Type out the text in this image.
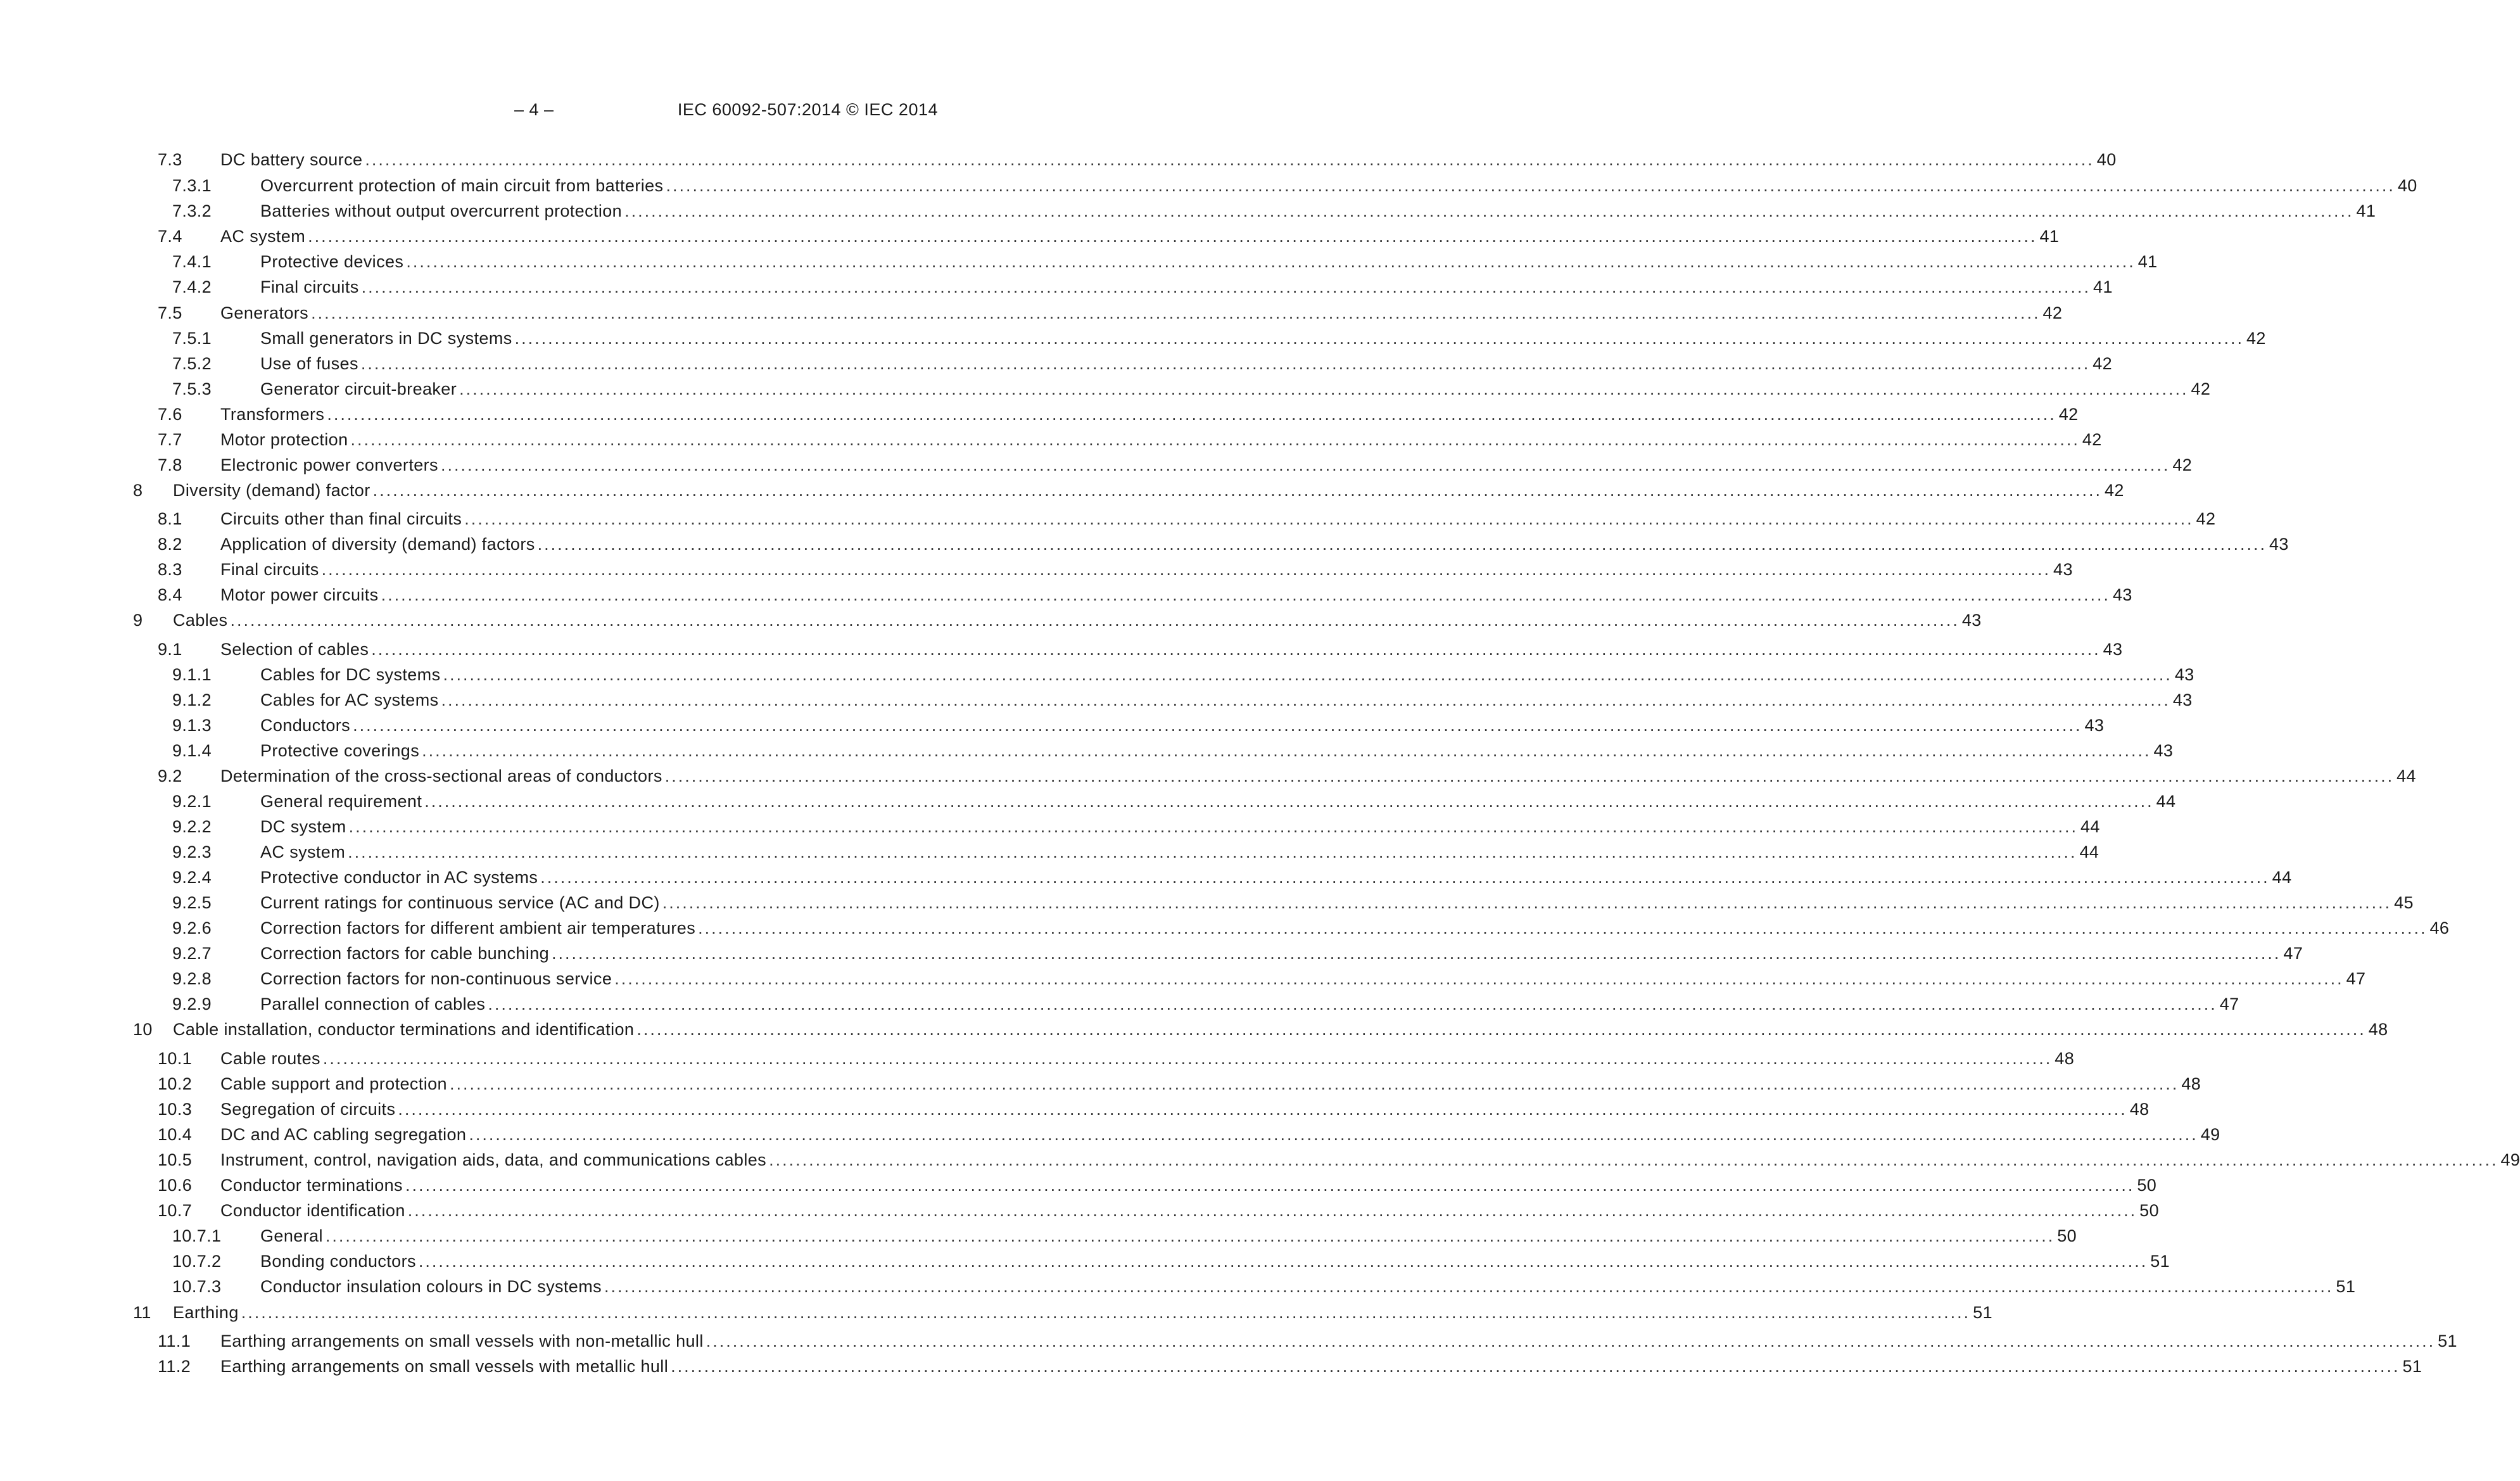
– 4 –	IEC 60092-507:2014 © IEC 2014
7.3 DC battery source .................................................................................................................................................................................................................................................................... 40
7.3.1	Overcurrent protection of main circuit from batteries .................................................................................................................................................................................................................................................................... 40
7.3.2	Batteries without output overcurrent protection .................................................................................................................................................................................................................................................................... 41
7.4 AC system .................................................................................................................................................................................................................................................................... 41
7.4.1	Protective devices .................................................................................................................................................................................................................................................................... 41
7.4.2	Final circuits .................................................................................................................................................................................................................................................................... 41
7.5 Generators .................................................................................................................................................................................................................................................................... 42
7.5.1	Small generators in DC systems .................................................................................................................................................................................................................................................................... 42
7.5.2	Use of fuses .................................................................................................................................................................................................................................................................... 42
7.5.3	Generator circuit-breaker .................................................................................................................................................................................................................................................................... 42
7.6 Transformers .................................................................................................................................................................................................................................................................... 42
7.7 Motor protection .................................................................................................................................................................................................................................................................... 42
7.8 Electronic power converters .................................................................................................................................................................................................................................................................... 42
8 Diversity (demand) factor .................................................................................................................................................................................................................................................................... 42
8.1 Circuits other than final circuits .................................................................................................................................................................................................................................................................... 42
8.2 Application of diversity (demand) factors .................................................................................................................................................................................................................................................................... 43
8.3 Final circuits .................................................................................................................................................................................................................................................................... 43
8.4 Motor power circuits .................................................................................................................................................................................................................................................................... 43
9 Cables .................................................................................................................................................................................................................................................................... 43
9.1 Selection of cables .................................................................................................................................................................................................................................................................... 43
9.1.1	Cables for DC systems .................................................................................................................................................................................................................................................................... 43
9.1.2	Cables for AC systems .................................................................................................................................................................................................................................................................... 43
9.1.3	Conductors .................................................................................................................................................................................................................................................................... 43
9.1.4	Protective coverings .................................................................................................................................................................................................................................................................... 43
9.2 Determination of the cross-sectional areas of conductors .................................................................................................................................................................................................................................................................... 44
9.2.1	General requirement .................................................................................................................................................................................................................................................................... 44
9.2.2	DC system .................................................................................................................................................................................................................................................................... 44
9.2.3	AC system .................................................................................................................................................................................................................................................................... 44
9.2.4	Protective conductor in AC systems .................................................................................................................................................................................................................................................................... 44
9.2.5	Current ratings for continuous service (AC and DC) .................................................................................................................................................................................................................................................................... 45
9.2.6	Correction factors for different ambient air temperatures .................................................................................................................................................................................................................................................................... 46
9.2.7	Correction factors for cable bunching .................................................................................................................................................................................................................................................................... 47
9.2.8	Correction factors for non-continuous service .................................................................................................................................................................................................................................................................... 47
9.2.9	Parallel connection of cables .................................................................................................................................................................................................................................................................... 47
10 Cable installation, conductor terminations and identification .................................................................................................................................................................................................................................................................... 48
10.1 Cable routes .................................................................................................................................................................................................................................................................... 48
10.2 Cable support and protection .................................................................................................................................................................................................................................................................... 48
10.3 Segregation of circuits .................................................................................................................................................................................................................................................................... 48
10.4 DC and AC cabling segregation .................................................................................................................................................................................................................................................................... 49
10.5 Instrument, control, navigation aids, data, and communications cables .................................................................................................................................................................................................................................................................... 49
10.6 Conductor terminations .................................................................................................................................................................................................................................................................... 50
10.7 Conductor identification .................................................................................................................................................................................................................................................................... 50
10.7.1 General .................................................................................................................................................................................................................................................................... 50
10.7.2 Bonding conductors .................................................................................................................................................................................................................................................................... 51
10.7.3 Conductor insulation colours in DC systems .................................................................................................................................................................................................................................................................... 51
11 Earthing .................................................................................................................................................................................................................................................................... 51
11.1 Earthing arrangements on small vessels with non-metallic hull .................................................................................................................................................................................................................................................................... 51
11.2 Earthing arrangements on small vessels with metallic hull .................................................................................................................................................................................................................................................................... 51
